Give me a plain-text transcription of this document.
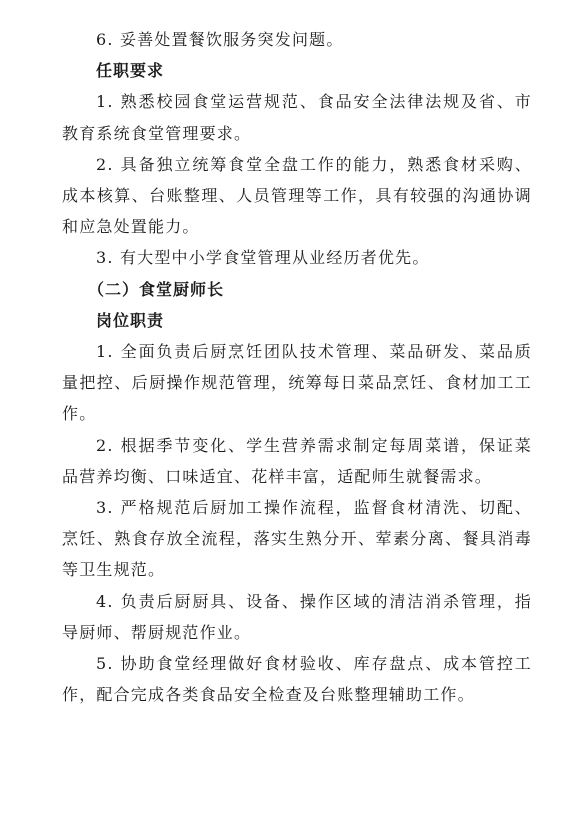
6. 妥善处置餐饮服务突发问题。

任职要求

1. 熟悉校园食堂运营规范、食品安全法律法规及省、市教育系统食堂管理要求。

2. 具备独立统筹食堂全盘工作的能力，熟悉食材采购、成本核算、台账整理、人员管理等工作，具有较强的沟通协调和应急处置能力。

3. 有大型中小学食堂管理从业经历者优先。

（二）食堂厨师长

岗位职责

1. 全面负责后厨烹饪团队技术管理、菜品研发、菜品质量把控、后厨操作规范管理，统筹每日菜品烹饪、食材加工工作。

2. 根据季节变化、学生营养需求制定每周菜谱，保证菜品营养均衡、口味适宜、花样丰富，适配师生就餐需求。

3. 严格规范后厨加工操作流程，监督食材清洗、切配、烹饪、熟食存放全流程，落实生熟分开、荤素分离、餐具消毒等卫生规范。

4. 负责后厨厨具、设备、操作区域的清洁消杀管理，指导厨师、帮厨规范作业。

5. 协助食堂经理做好食材验收、库存盘点、成本管控工作，配合完成各类食品安全检查及台账整理辅助工作。
